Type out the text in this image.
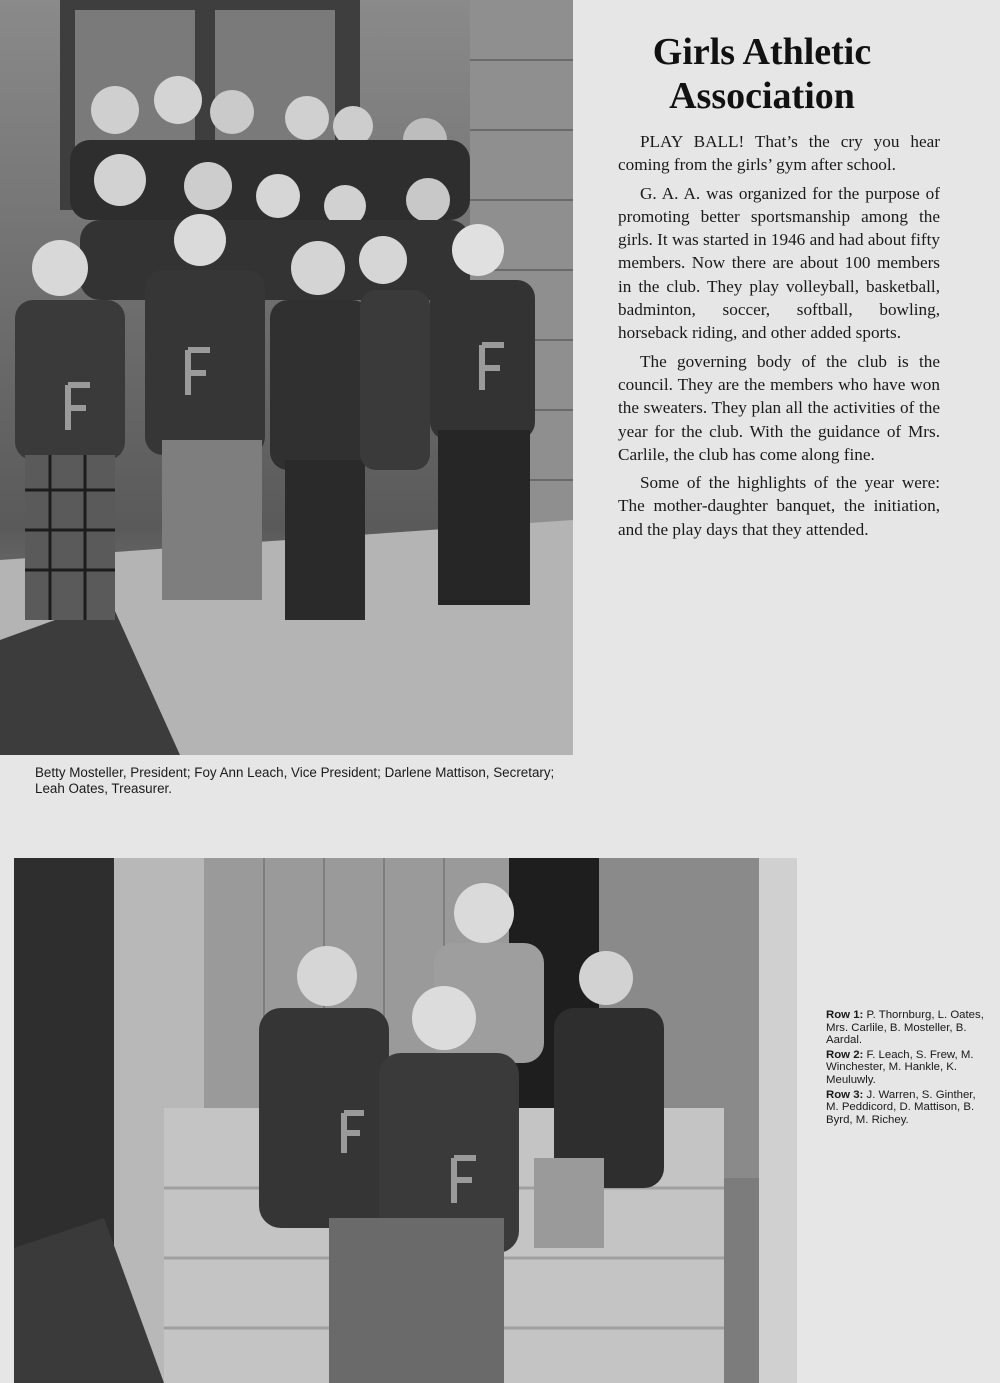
Girls Athletic
Association

PLAY BALL! That’s the cry you hear coming from the girls’ gym after school.

G. A. A. was organized for the purpose of promoting better sportsmanship among the girls. It was started in 1946 and had about fifty members. Now there are about 100 members in the club. They play volleyball, basketball, badminton, soccer, softball, bowling, horseback riding, and other added sports.

The governing body of the club is the council. They are the members who have won the sweaters. They plan all the activities of the year for the club. With the guidance of Mrs. Carlile, the club has come along fine.

Some of the highlights of the year were: The mother-daughter banquet, the initiation, and the play days that they attended.

Betty Mosteller, President; Foy Ann Leach, Vice President; Darlene Mattison, Secretary; Leah Oates, Treasurer.
Row 1: P. Thornburg, L. Oates, Mrs. Carlile, B. Mosteller, B. Aardal.
Row 2: F. Leach, S. Frew, M. Winchester, M. Hankle, K. Meuluwly.
Row 3: J. Warren, S. Ginther, M. Peddicord, D. Mattison, B. Byrd, M. Richey.
